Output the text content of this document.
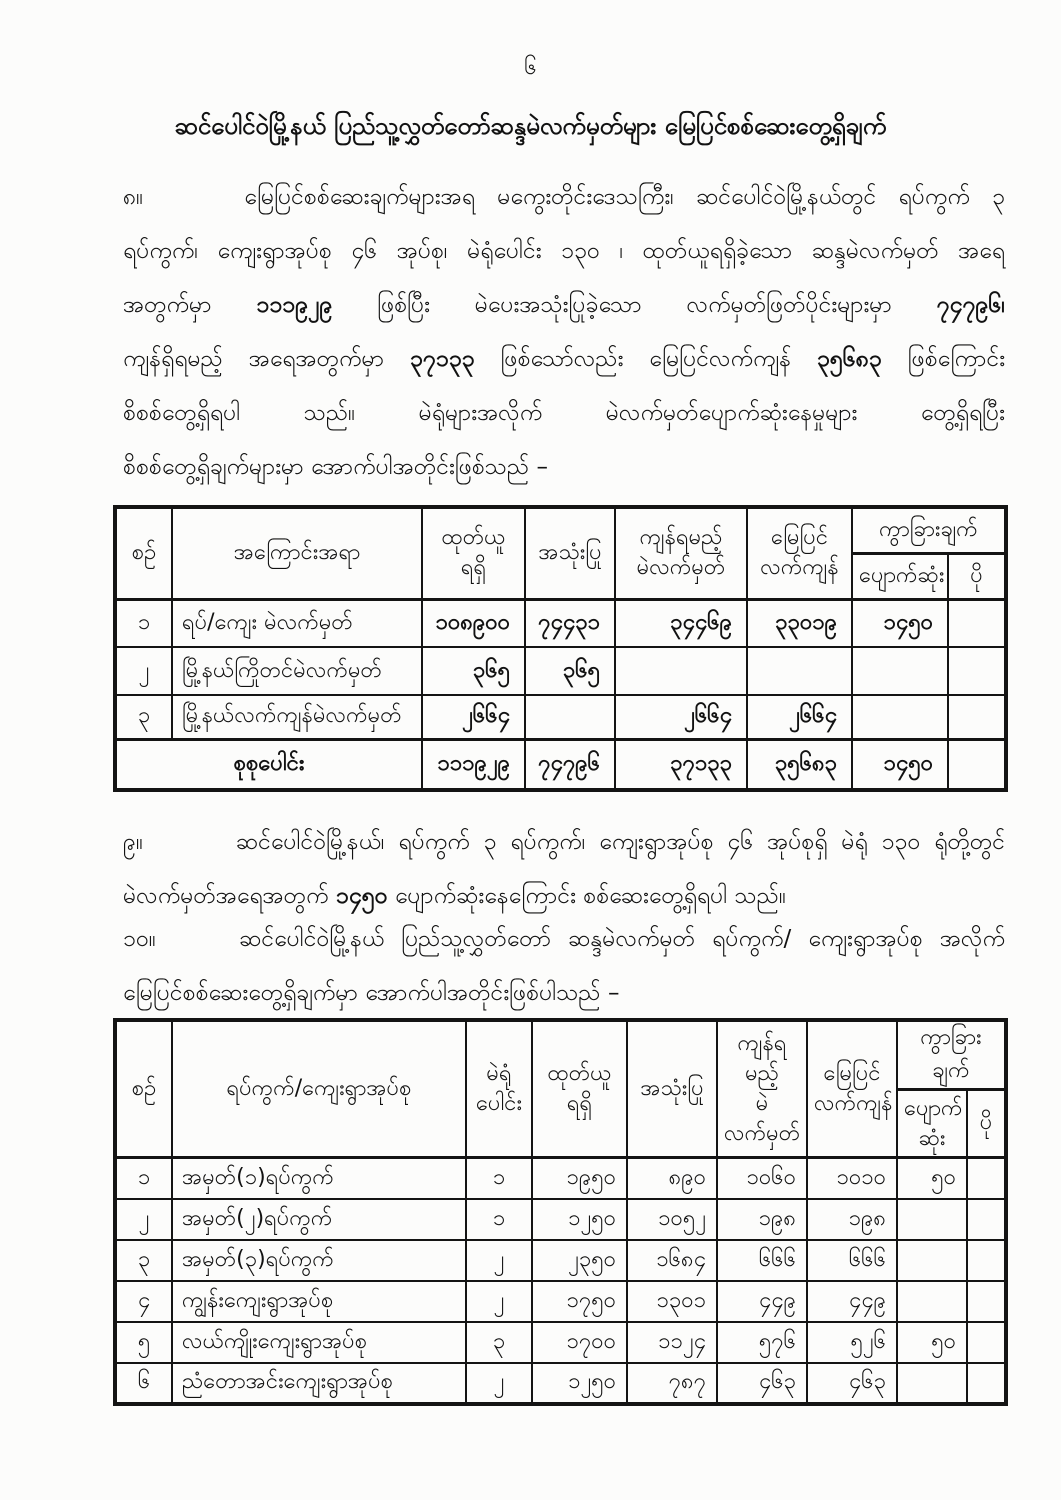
၆
ဆင်ပေါင်ဝဲမြို့နယ် ပြည်သူ့လွှတ်တော်ဆန္ဒမဲလက်မှတ်များ မြေပြင်စစ်ဆေးတွေ့ရှိချက်
၈။	မြေပြင်စစ်ဆေးချက်များအရ မကွေးတိုင်းဒေသကြီး၊ ဆင်ပေါင်ဝဲမြို့နယ်တွင် ရပ်ကွက် ၃
ရပ်ကွက်၊ ကျေးရွာအုပ်စု ၄၆ အုပ်စု၊ မဲရုံပေါင်း ၁၃၀ ၊ ထုတ်ယူရရှိခဲ့သော ဆန္ဒမဲလက်မှတ် အရေ
အတွက်မှာ ၁၁၁၉၂၉ ဖြစ်ပြီး မဲပေးအသုံးပြုခဲ့သော လက်မှတ်ဖြတ်ပိုင်းများမှာ ၇၄၇၉၆၊
ကျန်ရှိရမည့် အရေအတွက်မှာ ၃၇၁၃၃ ဖြစ်သော်လည်း မြေပြင်လက်ကျန် ၃၅၆၈၃ ဖြစ်ကြောင်း
စိစစ်တွေ့ရှိရပါ သည်။ မဲရုံများအလိုက် မဲလက်မှတ်ပျောက်ဆုံးနေမှုများ တွေ့ရှိရပြီး
စိစစ်တွေ့ရှိချက်များမှာ အောက်ပါအတိုင်းဖြစ်သည် –
စဉ်	အကြောင်းအရာ	ထုတ်ယူ
ရရှိ	အသုံးပြု	ကျန်ရမည့်
မဲလက်မှတ်	မြေပြင်
လက်ကျန်	ကွာခြားချက်	
						ပျောက်ဆုံး	ပို
၁	ရပ်/ကျေး မဲလက်မှတ်	၁၀၈၉၀၀	၇၄၄၃၁	၃၄၄၆၉	၃၃၀၁၉	၁၄၅၀	
၂	မြို့နယ်ကြိုတင်မဲလက်မှတ်	၃၆၅	၃၆၅				
၃	မြို့နယ်လက်ကျန်မဲလက်မှတ်	၂၆၆၄		၂၆၆၄	၂၆၆၄		
စုစုပေါင်း		၁၁၁၉၂၉	၇၄၇၉၆	၃၇၁၃၃	၃၅၆၈၃	၁၄၅၀	
၉။	ဆင်ပေါင်ဝဲမြို့နယ်၊ ရပ်ကွက် ၃ ရပ်ကွက်၊ ကျေးရွာအုပ်စု ၄၆ အုပ်စုရှိ မဲရုံ ၁၃၀ ရုံတို့တွင်
မဲလက်မှတ်အရေအတွက် ၁၄၅၀ ပျောက်ဆုံးနေကြောင်း စစ်ဆေးတွေ့ရှိရပါ သည်။
၁၀။	ဆင်ပေါင်ဝဲမြို့နယ် ပြည်သူ့လွှတ်တော် ဆန္ဒမဲလက်မှတ် ရပ်ကွက်/ ကျေးရွာအုပ်စု အလိုက်
မြေပြင်စစ်ဆေးတွေ့ရှိချက်မှာ အောက်ပါအတိုင်းဖြစ်ပါသည် –
စဉ်	ရပ်ကွက်/ကျေးရွာအုပ်စု	မဲရုံ
ပေါင်း	ထုတ်ယူ
ရရှိ	အသုံးပြု	ကျန်ရမည့်
မဲလက်မှတ်	မြေပြင်
လက်ကျန်	ကွာခြားချက်	

							ပျောက်
ဆုံး	ပို
၁	အမှတ်(၁)ရပ်ကွက်	၁	၁၉၅၀	၈၉၀	၁၀၆၀	၁၀၁၀	၅၀	
၂	အမှတ်(၂)ရပ်ကွက်	၁	၁၂၅၀	၁၀၅၂	၁၉၈	၁၉၈		
၃	အမှတ်(၃)ရပ်ကွက်	၂	၂၃၅၀	၁၆၈၄	၆၆၆	၆၆၆		
၄	ကျွန်းကျေးရွာအုပ်စု	၂	၁၇၅၀	၁၃၀၁	၄၄၉	၄၄၉		
၅	လယ်ကျိုးကျေးရွာအုပ်စု	၃	၁၇၀၀	၁၁၂၄	၅၇၆	၅၂၆	၅၀	
၆	ညံတောအင်းကျေးရွာအုပ်စု	၂	၁၂၅၀	၇၈၇	၄၆၃	၄၆၃		
